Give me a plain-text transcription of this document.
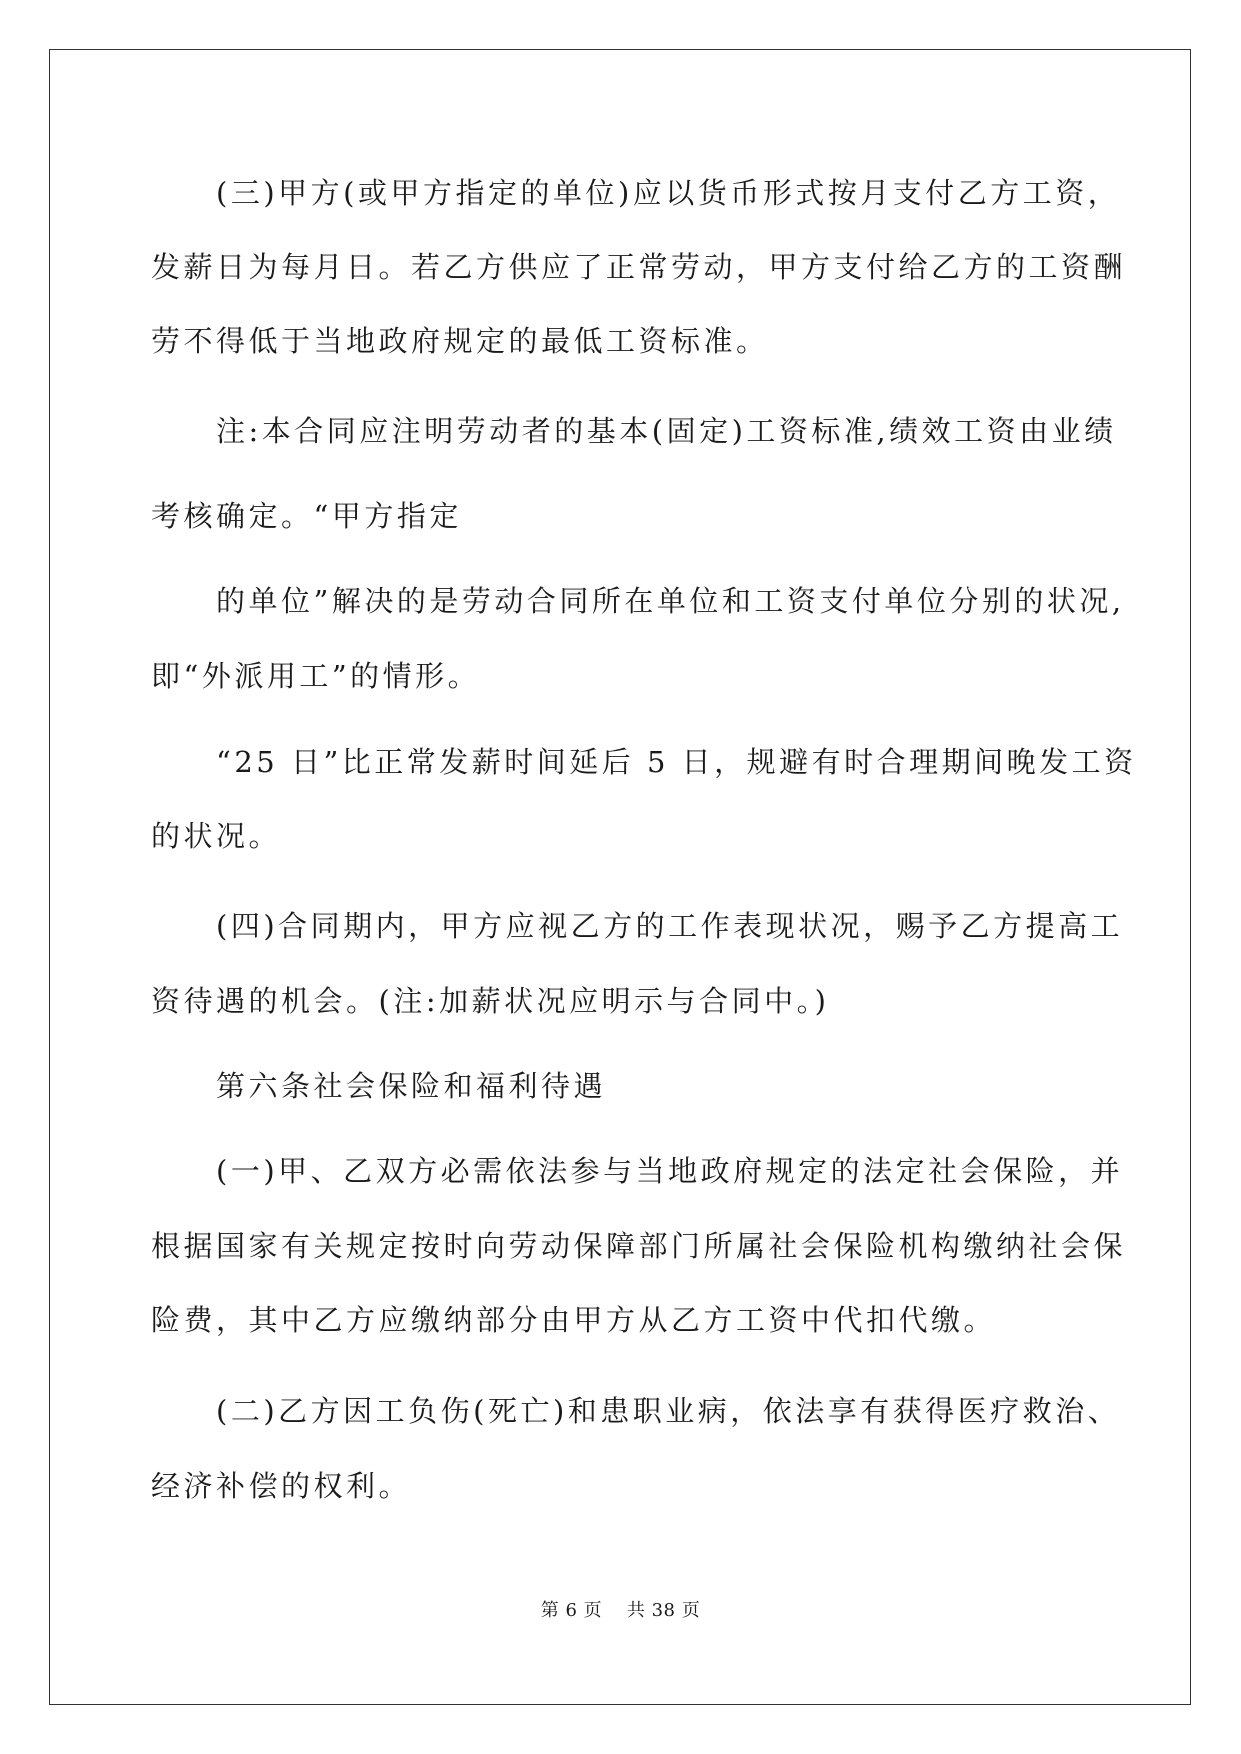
　　(三)甲方(或甲方指定的单位)应以货币形式按月支付乙方工资，

发薪日为每月日。若乙方供应了正常劳动，甲方支付给乙方的工资酬

劳不得低于当地政府规定的最低工资标准。

　　注:本合同应注明劳动者的基本(固定)工资标准,绩效工资由业绩

考核确定。“甲方指定

　　的单位”解决的是劳动合同所在单位和工资支付单位分别的状况,

即“外派用工”的情形。

　　“25 日”比正常发薪时间延后 5 日，规避有时合理期间晚发工资

的状况。

　　(四)合同期内，甲方应视乙方的工作表现状况，赐予乙方提高工

资待遇的机会。(注:加薪状况应明示与合同中。)

　　第六条社会保险和福利待遇

　　(一)甲、乙双方必需依法参与当地政府规定的法定社会保险，并

根据国家有关规定按时向劳动保障部门所属社会保险机构缴纳社会保

险费，其中乙方应缴纳部分由甲方从乙方工资中代扣代缴。

　　(二)乙方因工负伤(死亡)和患职业病，依法享有获得医疗救治、

经济补偿的权利。

第 6 页　 共 38 页
